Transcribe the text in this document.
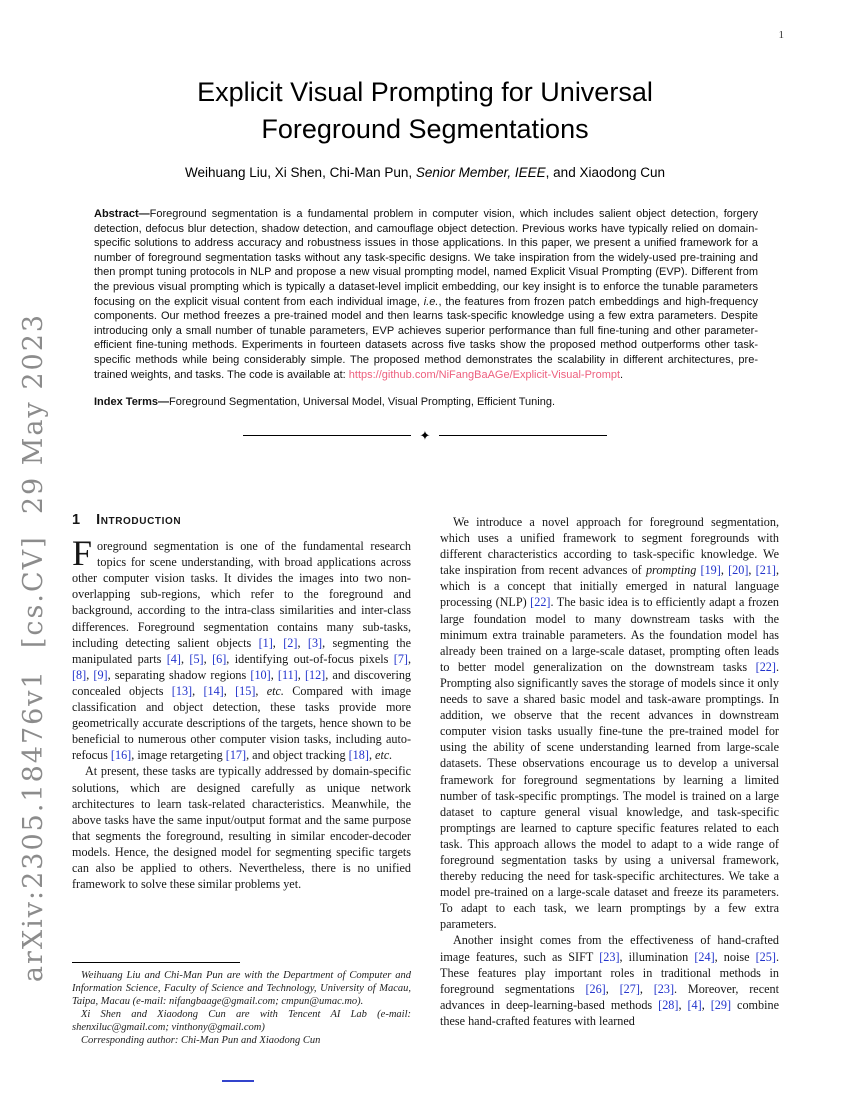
1
arXiv:2305.18476v1  [cs.CV]  29 May 2023
Explicit Visual Prompting for Universal
Foreground Segmentations
Weihuang Liu, Xi Shen, Chi-Man Pun, Senior Member, IEEE, and Xiaodong Cun
Abstract—Foreground segmentation is a fundamental problem in computer vision, which includes salient object detection, forgery detection, defocus blur detection, shadow detection, and camouflage object detection. Previous works have typically relied on domain-specific solutions to address accuracy and robustness issues in those applications. In this paper, we present a unified framework for a number of foreground segmentation tasks without any task-specific designs. We take inspiration from the widely-used pre-training and then prompt tuning protocols in NLP and propose a new visual prompting model, named Explicit Visual Prompting (EVP). Different from the previous visual prompting which is typically a dataset-level implicit embedding, our key insight is to enforce the tunable parameters focusing on the explicit visual content from each individual image, i.e., the features from frozen patch embeddings and high-frequency components. Our method freezes a pre-trained model and then learns task-specific knowledge using a few extra parameters. Despite introducing only a small number of tunable parameters, EVP achieves superior performance than full fine-tuning and other parameter-efficient fine-tuning methods. Experiments in fourteen datasets across five tasks show the proposed method outperforms other task-specific methods while being considerably simple. The proposed method demonstrates the scalability in different architectures, pre-trained weights, and tasks. The code is available at: https://github.com/NiFangBaAGe/Explicit-Visual-Prompt.
Index Terms—Foreground Segmentation, Universal Model, Visual Prompting, Efficient Tuning.
✦
1 Introduction

Foreground segmentation is one of the fundamental research topics for scene understanding, with broad applications across other computer vision tasks. It divides the images into two non-overlapping sub-regions, which refer to the foreground and background, according to the intra-class similarities and inter-class differences. Foreground segmentation contains many sub-tasks, including detecting salient objects [1], [2], [3], segmenting the manipulated parts [4], [5], [6], identifying out-of-focus pixels [7], [8], [9], separating shadow regions [10], [11], [12], and discovering concealed objects [13], [14], [15], etc. Compared with image classification and object detection, these tasks provide more geometrically accurate descriptions of the targets, hence shown to be beneficial to numerous other computer vision tasks, including auto-refocus [16], image retargeting [17], and object tracking [18], etc.

At present, these tasks are typically addressed by domain-specific solutions, which are designed carefully as unique network architectures to learn task-related characteristics. Meanwhile, the above tasks have the same input/output format and the same purpose that segments the foreground, resulting in similar encoder-decoder models. Hence, the designed model for segmenting specific targets can also be applied to others. Nevertheless, there is no unified framework to solve these similar problems yet.

We introduce a novel approach for foreground segmentation, which uses a unified framework to segment foregrounds with different characteristics according to task-specific knowledge. We take inspiration from recent advances of prompting [19], [20], [21], which is a concept that initially emerged in natural language processing (NLP) [22]. The basic idea is to efficiently adapt a frozen large foundation model to many downstream tasks with the minimum extra trainable parameters. As the foundation model has already been trained on a large-scale dataset, prompting often leads to better model generalization on the downstream tasks [22]. Prompting also significantly saves the storage of models since it only needs to save a shared basic model and task-aware promptings. In addition, we observe that the recent advances in downstream computer vision tasks usually fine-tune the pre-trained model for using the ability of scene understanding learned from large-scale datasets. These observations encourage us to develop a universal framework for foreground segmentations by learning a limited number of task-specific promptings. The model is trained on a large dataset to capture general visual knowledge, and task-specific promptings are learned to capture specific features related to each task. This approach allows the model to adapt to a wide range of foreground segmentation tasks by using a universal framework, thereby reducing the need for task-specific architectures. We take a model pre-trained on a large-scale dataset and freeze its parameters. To adapt to each task, we learn promptings by a few extra parameters.

Another insight comes from the effectiveness of hand-crafted image features, such as SIFT [23], illumination [24], noise [25]. These features play important roles in traditional methods in foreground segmentations [26], [27], [23]. Moreover, recent advances in deep-learning-based methods [28], [4], [29] combine these hand-crafted features with learned

Weihuang Liu and Chi-Man Pun are with the Department of Computer and Information Science, Faculty of Science and Technology, University of Macau, Taipa, Macau (e-mail: nifangbaage@gmail.com; cmpun@umac.mo).

Xi Shen and Xiaodong Cun are with Tencent AI Lab (e-mail: shenxiluc@gmail.com; vinthony@gmail.com)

Corresponding author: Chi-Man Pun and Xiaodong Cun
